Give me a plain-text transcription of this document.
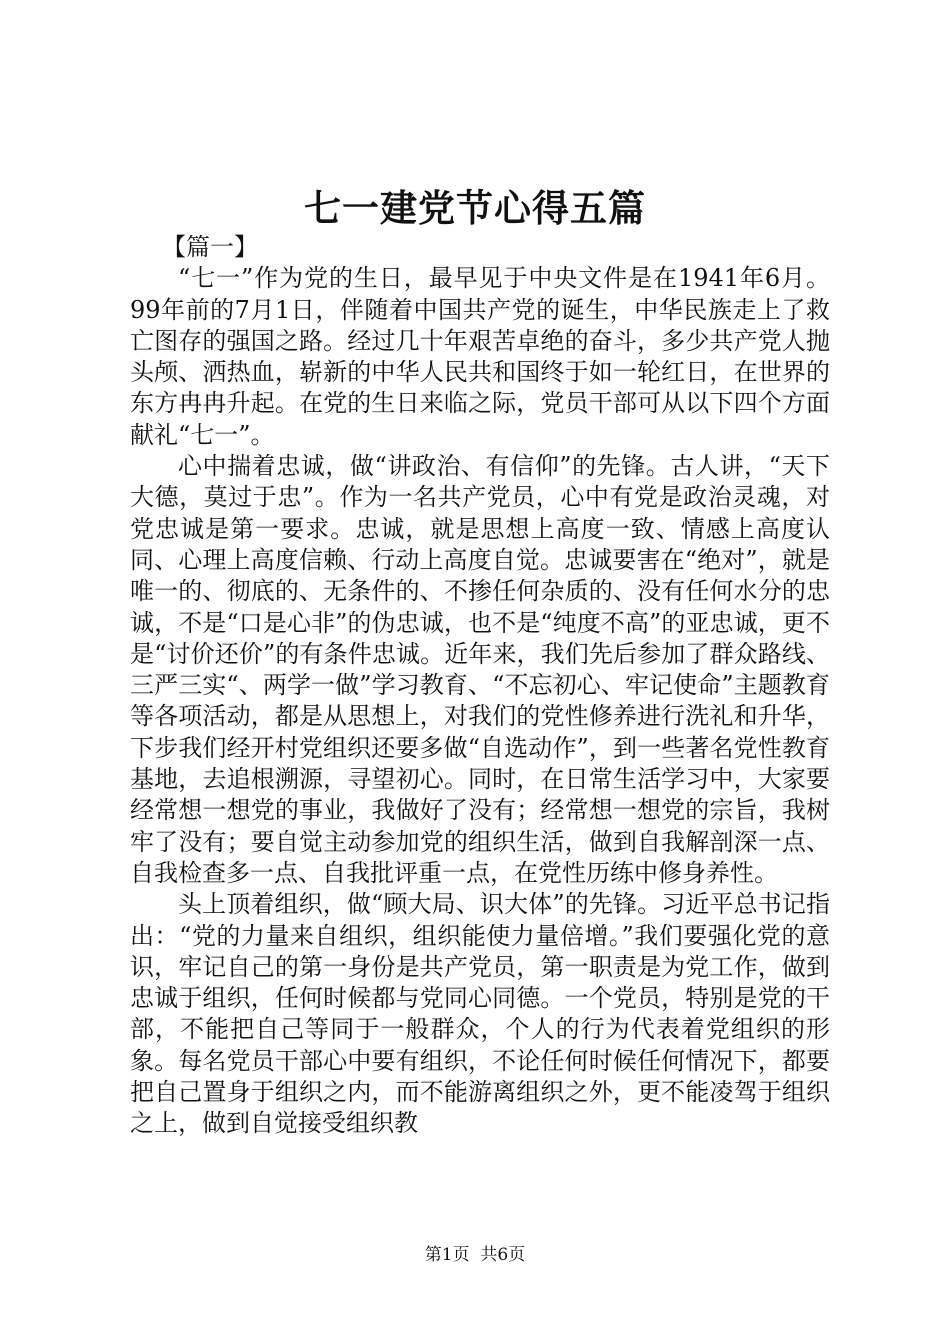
七一建党节心得五篇

【篇一】

“七一”作为党的生日，最早见于中央文件是在1941年6月。99年前的7月1日，伴随着中国共产党的诞生，中华民族走上了救亡图存的强国之路。经过几十年艰苦卓绝的奋斗，多少共产党人抛头颅、洒热血，崭新的中华人民共和国终于如一轮红日，在世界的东方冉冉升起。在党的生日来临之际，党员干部可从以下四个方面献礼“七一”。

心中揣着忠诚，做“讲政治、有信仰”的先锋。古人讲，“天下大德，莫过于忠”。作为一名共产党员，心中有党是政治灵魂，对党忠诚是第一要求。忠诚，就是思想上高度一致、情感上高度认同、心理上高度信赖、行动上高度自觉。忠诚要害在“绝对”，就是唯一的、彻底的、无条件的、不掺任何杂质的、没有任何水分的忠诚，不是“口是心非”的伪忠诚，也不是“纯度不高”的亚忠诚，更不是“讨价还价”的有条件忠诚。近年来，我们先后参加了群众路线、三严三实“、两学一做”学习教育、“不忘初心、牢记使命”主题教育等各项活动，都是从思想上，对我们的党性修养进行洗礼和升华，下步我们经开村党组织还要多做“自选动作”，到一些著名党性教育基地，去追根溯源，寻望初心。同时，在日常生活学习中，大家要经常想一想党的事业，我做好了没有；经常想一想党的宗旨，我树牢了没有；要自觉主动参加党的组织生活，做到自我解剖深一点、自我检查多一点、自我批评重一点，在党性历练中修身养性。

头上顶着组织，做“顾大局、识大体”的先锋。习近平总书记指出：“党的力量来自组织，组织能使力量倍增。”我们要强化党的意识，牢记自己的第一身份是共产党员，第一职责是为党工作，做到忠诚于组织，任何时候都与党同心同德。一个党员，特别是党的干部，不能把自己等同于一般群众，个人的行为代表着党组织的形象。每名党员干部心中要有组织，不论任何时候任何情况下，都要把自己置身于组织之内，而不能游离组织之外，更不能凌驾于组织之上，做到自觉接受组织教

第1页 共6页
